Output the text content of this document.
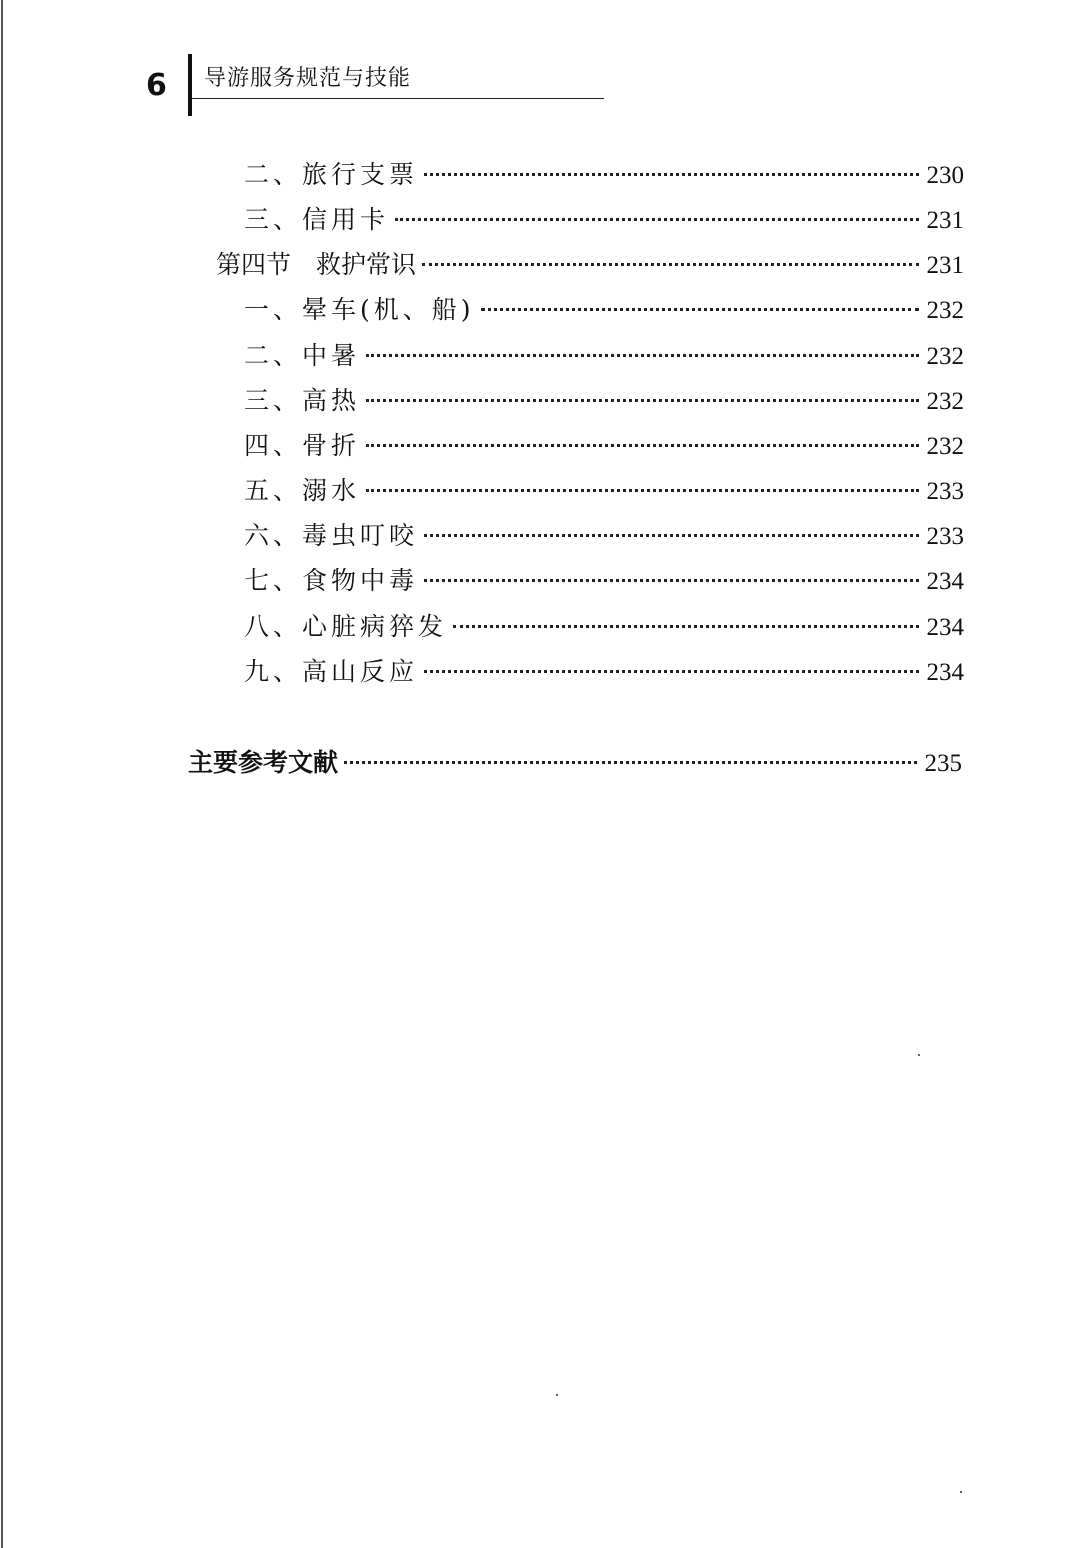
6 导游服务规范与技能
二、旅行支票	230
三、信用卡	231
第四节　救护常识	231
一、晕车(机、船)	232
二、中暑	232
三、高热	232
四、骨折	232
五、溺水	233
六、毒虫叮咬	233
七、食物中毒	234
八、心脏病猝发	234
九、高山反应	234
主要参考文献	235
